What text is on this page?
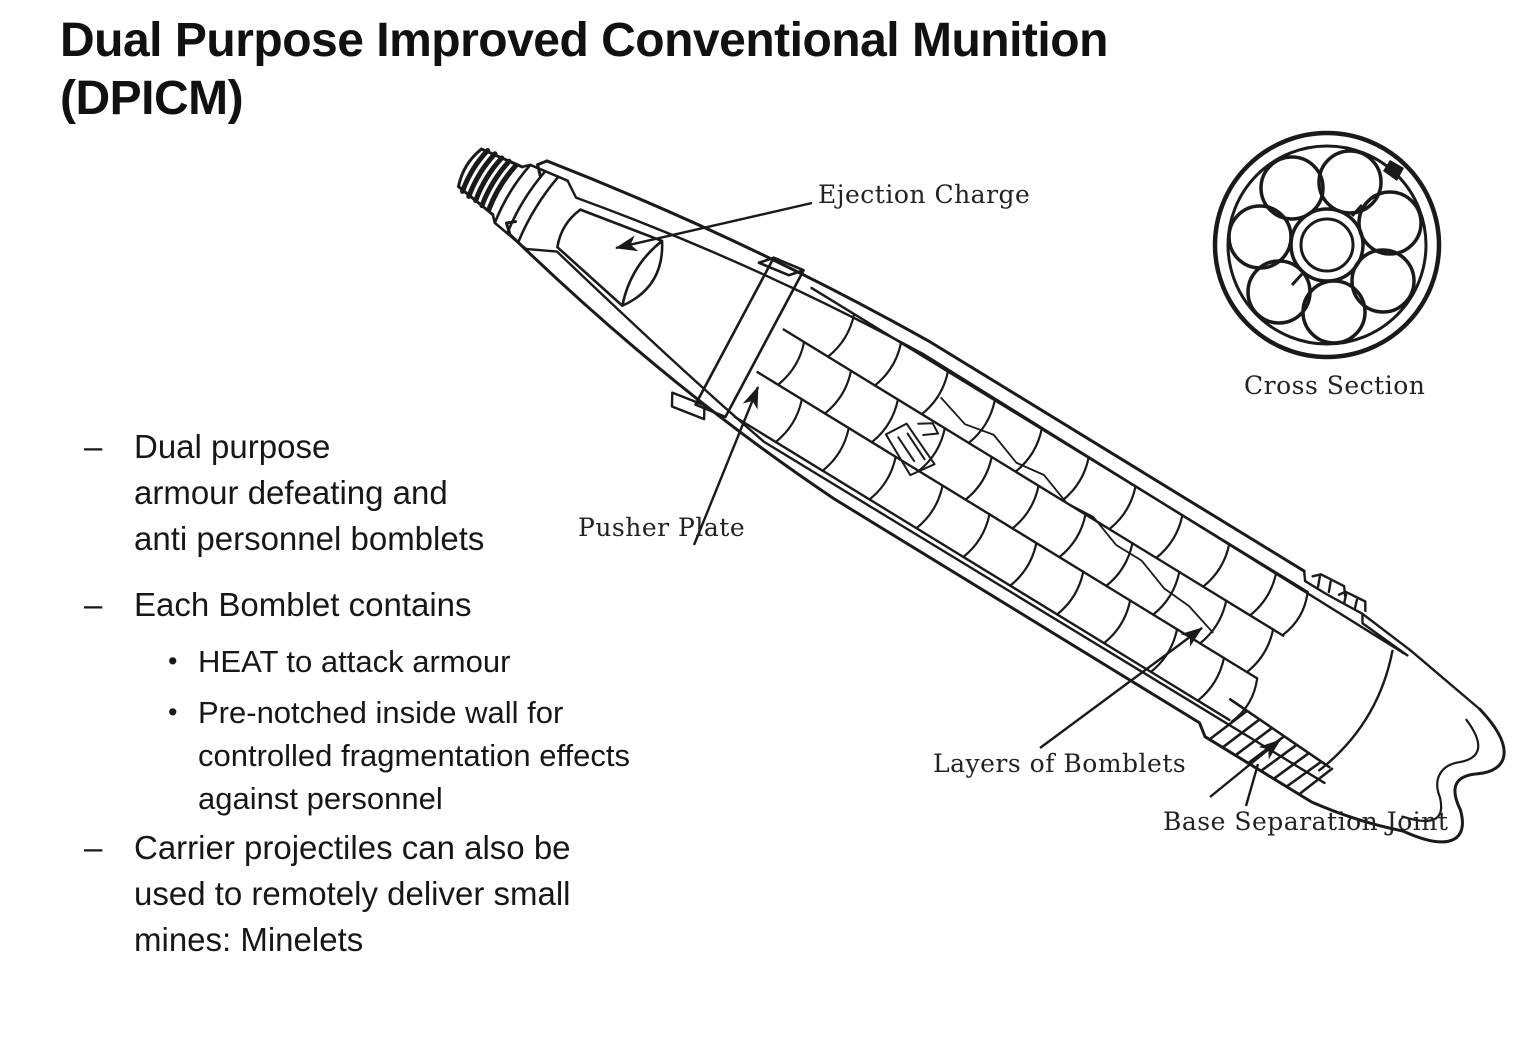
Dual Purpose Improved Conventional Munition
(DPICM)
– Dual purpose
armour defeating and
anti personnel bomblets
– Each Bomblet contains
• HEAT to attack armour
• Pre-notched inside wall for
controlled fragmentation effects
against personnel
– Carrier projectiles can also be
used to remotely deliver small
mines: Minelets
Ejection Charge
Pusher Plate
Layers of Bomblets
Base Separation Joint
Cross Section
